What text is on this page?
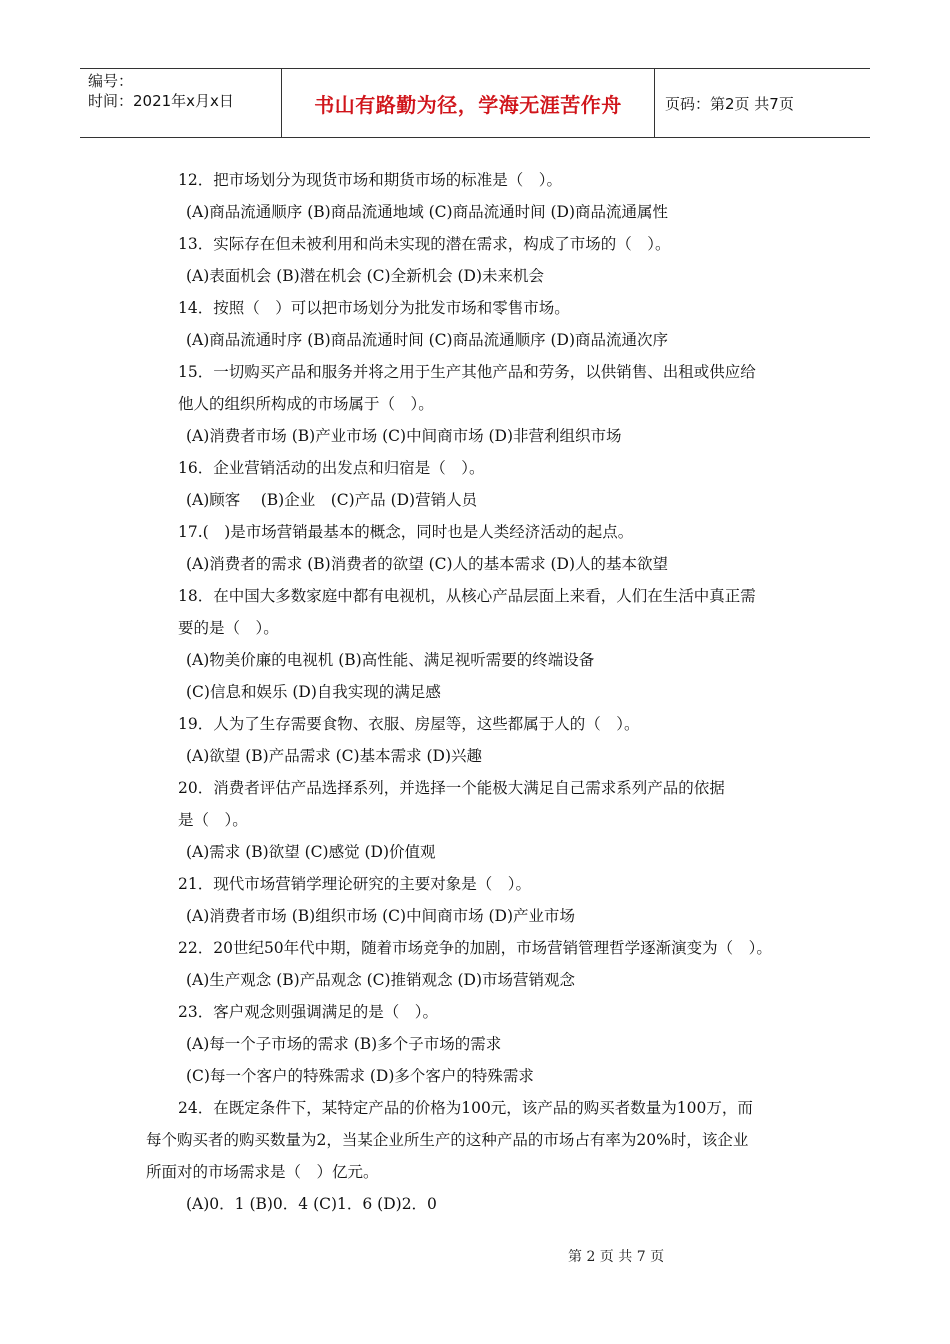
编号：
时间：2021年x月x日	书山有路勤为径，学海无涯苦作舟	页码：第2页 共7页
12．把市场划分为现货市场和期货市场的标准是（　）。
(A)商品流通顺序 (B)商品流通地域 (C)商品流通时间 (D)商品流通属性
13．实际存在但未被利用和尚未实现的潜在需求，构成了市场的（　）。
(A)表面机会 (B)潜在机会 (C)全新机会 (D)未来机会
14．按照（　）可以把市场划分为批发市场和零售市场。
(A)商品流通时序 (B)商品流通时间 (C)商品流通顺序 (D)商品流通次序
15．一切购买产品和服务并将之用于生产其他产品和劳务，以供销售、出租或供应给
他人的组织所构成的市场属于（　）。
(A)消费者市场 (B)产业市场 (C)中间商市场 (D)非营利组织市场
16．企业营销活动的出发点和归宿是（　）。
(A)顾客　 (B)企业　(C)产品 (D)营销人员
17.(　)是市场营销最基本的概念，同时也是人类经济活动的起点。
(A)消费者的需求 (B)消费者的欲望 (C)人的基本需求 (D)人的基本欲望
18．在中国大多数家庭中都有电视机，从核心产品层面上来看，人们在生活中真正需
要的是（　）。
(A)物美价廉的电视机 (B)高性能、满足视听需要的终端设备
(C)信息和娱乐 (D)自我实现的满足感
19．人为了生存需要食物、衣服、房屋等，这些都属于人的（　）。
(A)欲望 (B)产品需求 (C)基本需求 (D)兴趣
20．消费者评估产品选择系列，并选择一个能极大满足自己需求系列产品的依据
是（　）。
(A)需求 (B)欲望 (C)感觉 (D)价值观
21．现代市场营销学理论研究的主要对象是（　）。
(A)消费者市场 (B)组织市场 (C)中间商市场 (D)产业市场
22．20世纪50年代中期，随着市场竞争的加剧，市场营销管理哲学逐渐演变为（　）。
(A)生产观念 (B)产品观念 (C)推销观念 (D)市场营销观念
23．客户观念则强调满足的是（　）。
(A)每一个子市场的需求 (B)多个子市场的需求
(C)每一个客户的特殊需求 (D)多个客户的特殊需求
24．在既定条件下，某特定产品的价格为100元，该产品的购买者数量为100万，而
每个购买者的购买数量为2，当某企业所生产的这种产品的市场占有率为20%时，该企业
所面对的市场需求是（　）亿元。
(A)0．1 (B)0．4 (C)1．6 (D)2．0
第 2 页 共 7 页
